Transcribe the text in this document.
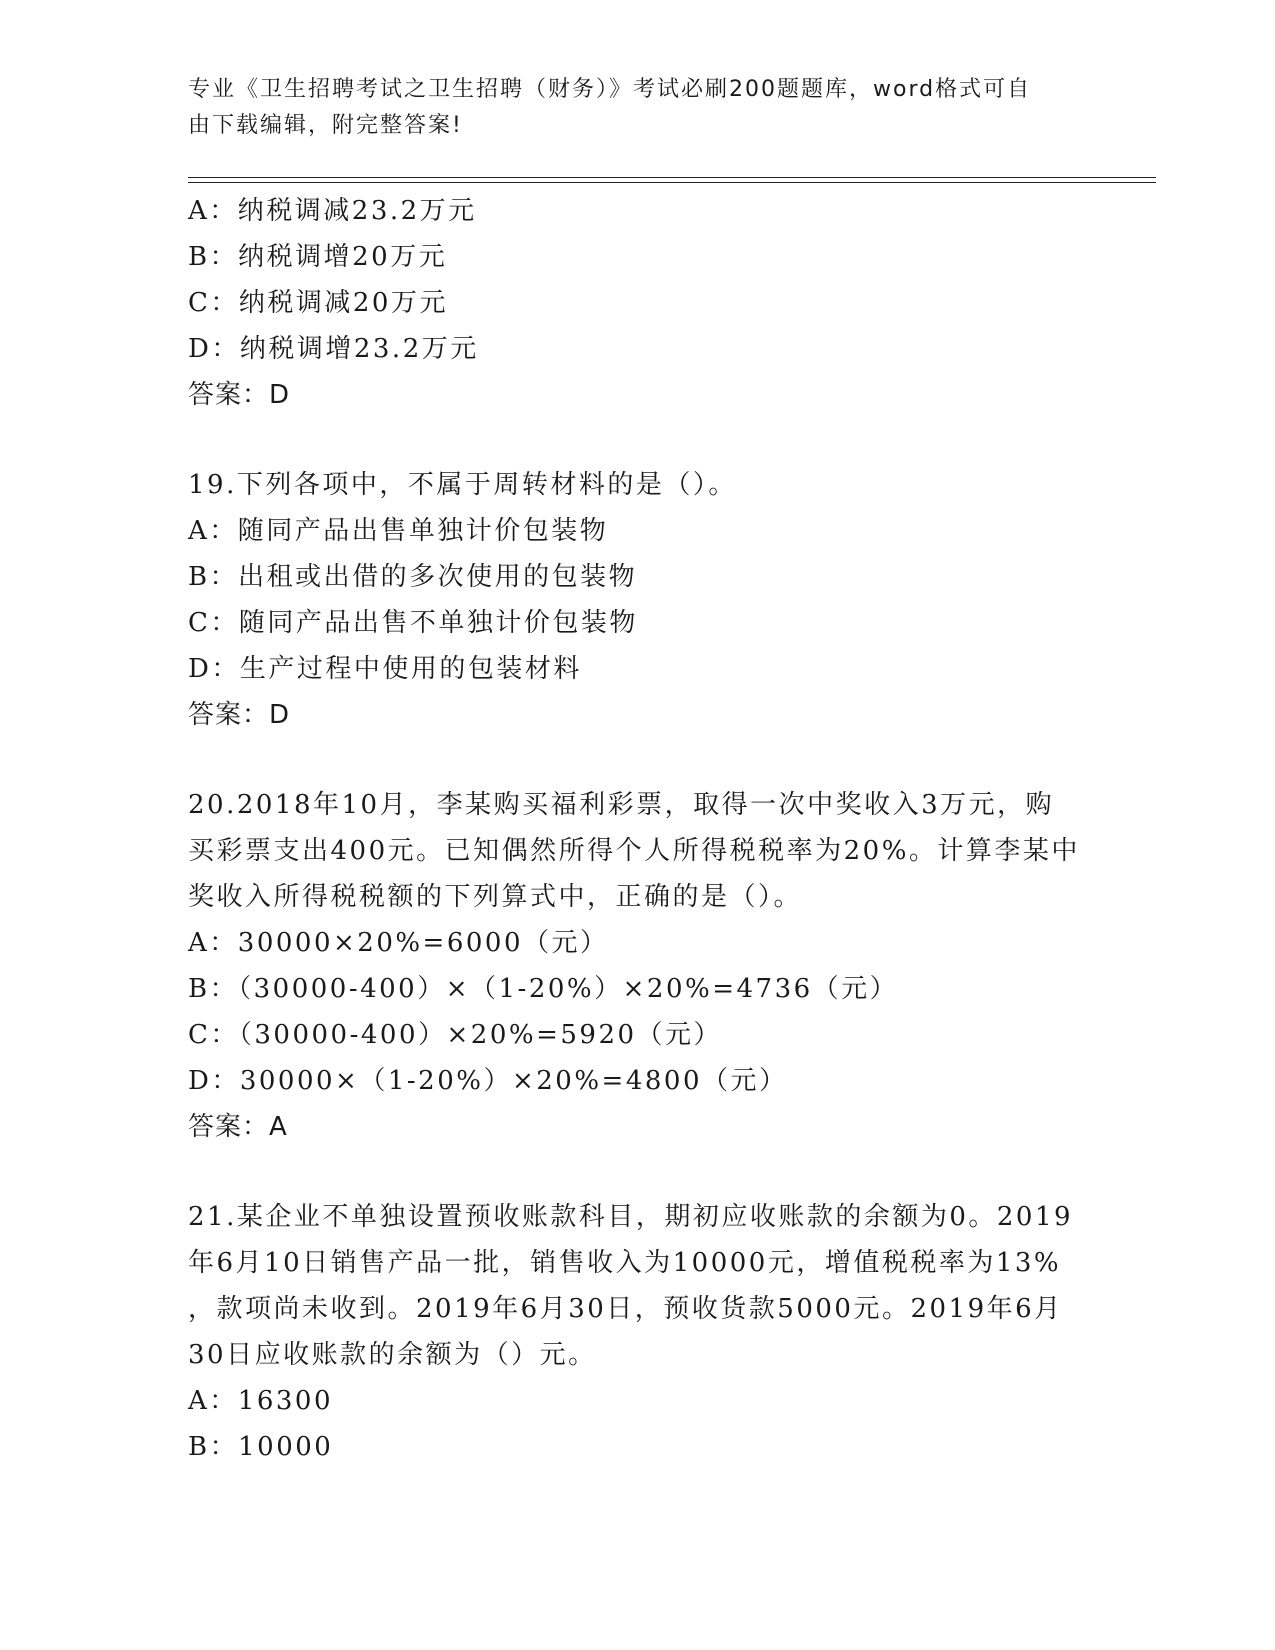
专业《卫生招聘考试之卫生招聘（财务）》考试必刷200题题库，word格式可自
由下载编辑，附完整答案!
A：纳税调减23.2万元
B：纳税调增20万元
C：纳税调减20万元
D：纳税调增23.2万元
答案：D
19.下列各项中，不属于周转材料的是（）。
A：随同产品出售单独计价包装物
B：出租或出借的多次使用的包装物
C：随同产品出售不单独计价包装物
D：生产过程中使用的包装材料
答案：D
20.2018年10月，李某购买福利彩票，取得一次中奖收入3万元，购
买彩票支出400元。已知偶然所得个人所得税税率为20%。计算李某中
奖收入所得税税额的下列算式中，正确的是（）。
A：30000×20%=6000（元）
B：（30000-400）×（1-20%）×20%=4736（元）
C：（30000-400）×20%=5920（元）
D：30000×（1-20%）×20%=4800（元）
答案：A
21.某企业不单独设置预收账款科目，期初应收账款的余额为0。2019
年6月10日销售产品一批，销售收入为10000元，增值税税率为13%
，款项尚未收到。2019年6月30日，预收货款5000元。2019年6月
30日应收账款的余额为（）元。
A：16300
B：10000
